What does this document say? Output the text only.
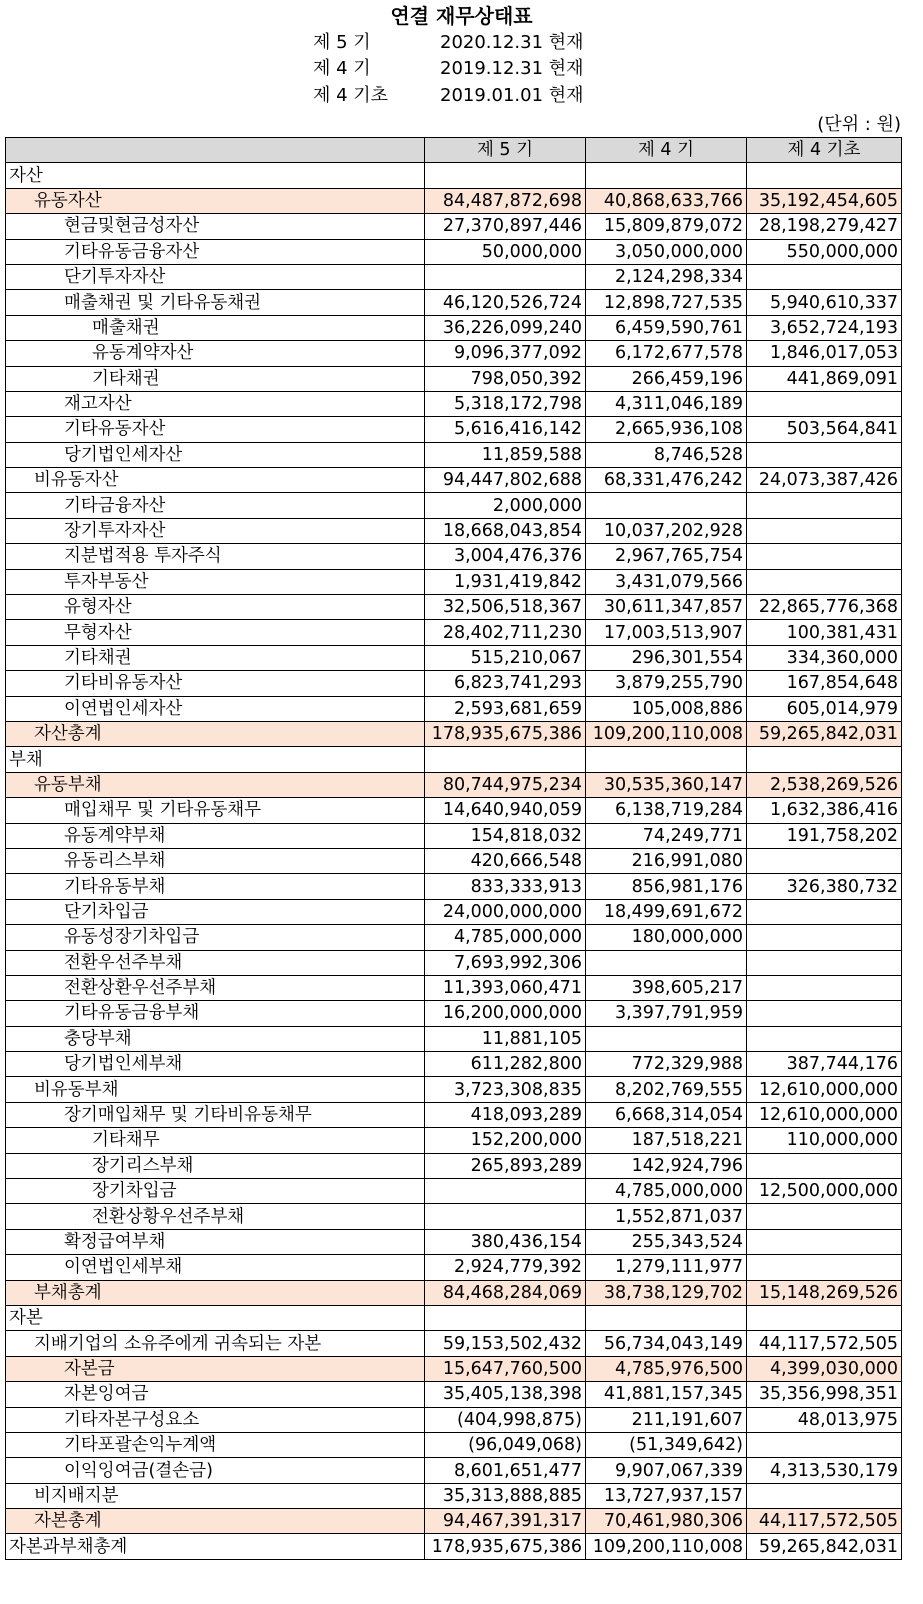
연결 재무상태표
제 5 기	2020.12.31 현재
제 4 기	2019.12.31 현재
제 4 기초	2019.01.01 현재
(단위 : 원)
	제 5 기	제 4 기	제 4 기초
자산			
유동자산	84,487,872,698	40,868,633,766	35,192,454,605
현금및현금성자산	27,370,897,446	15,809,879,072	28,198,279,427
기타유동금융자산	50,000,000	3,050,000,000	550,000,000
단기투자자산		2,124,298,334	
매출채권 및 기타유동채권	46,120,526,724	12,898,727,535	5,940,610,337
매출채권	36,226,099,240	6,459,590,761	3,652,724,193
유동계약자산	9,096,377,092	6,172,677,578	1,846,017,053
기타채권	798,050,392	266,459,196	441,869,091
재고자산	5,318,172,798	4,311,046,189	
기타유동자산	5,616,416,142	2,665,936,108	503,564,841
당기법인세자산	11,859,588	8,746,528	
비유동자산	94,447,802,688	68,331,476,242	24,073,387,426
기타금융자산	2,000,000		
장기투자자산	18,668,043,854	10,037,202,928	
지분법적용 투자주식	3,004,476,376	2,967,765,754	
투자부동산	1,931,419,842	3,431,079,566	
유형자산	32,506,518,367	30,611,347,857	22,865,776,368
무형자산	28,402,711,230	17,003,513,907	100,381,431
기타채권	515,210,067	296,301,554	334,360,000
기타비유동자산	6,823,741,293	3,879,255,790	167,854,648
이연법인세자산	2,593,681,659	105,008,886	605,014,979
자산총계	178,935,675,386	109,200,110,008	59,265,842,031
부채			
유동부채	80,744,975,234	30,535,360,147	2,538,269,526
매입채무 및 기타유동채무	14,640,940,059	6,138,719,284	1,632,386,416
유동계약부채	154,818,032	74,249,771	191,758,202
유동리스부채	420,666,548	216,991,080	
기타유동부채	833,333,913	856,981,176	326,380,732
단기차입금	24,000,000,000	18,499,691,672	
유동성장기차입금	4,785,000,000	180,000,000	
전환우선주부채	7,693,992,306		
전환상환우선주부채	11,393,060,471	398,605,217	
기타유동금융부채	16,200,000,000	3,397,791,959	
충당부채	11,881,105		
당기법인세부채	611,282,800	772,329,988	387,744,176
비유동부채	3,723,308,835	8,202,769,555	12,610,000,000
장기매입채무 및 기타비유동채무	418,093,289	6,668,314,054	12,610,000,000
기타채무	152,200,000	187,518,221	110,000,000
장기리스부채	265,893,289	142,924,796	
장기차입금		4,785,000,000	12,500,000,000
전환상황우선주부채		1,552,871,037	
확정급여부채	380,436,154	255,343,524	
이연법인세부채	2,924,779,392	1,279,111,977	
부채총계	84,468,284,069	38,738,129,702	15,148,269,526
자본			
지배기업의 소유주에게 귀속되는 자본	59,153,502,432	56,734,043,149	44,117,572,505
자본금	15,647,760,500	4,785,976,500	4,399,030,000
자본잉여금	35,405,138,398	41,881,157,345	35,356,998,351
기타자본구성요소	(404,998,875)	211,191,607	48,013,975
기타포괄손익누계액	(96,049,068)	(51,349,642)	
이익잉여금(결손금)	8,601,651,477	9,907,067,339	4,313,530,179
비지배지분	35,313,888,885	13,727,937,157	
자본총계	94,467,391,317	70,461,980,306	44,117,572,505
자본과부채총계	178,935,675,386	109,200,110,008	59,265,842,031
